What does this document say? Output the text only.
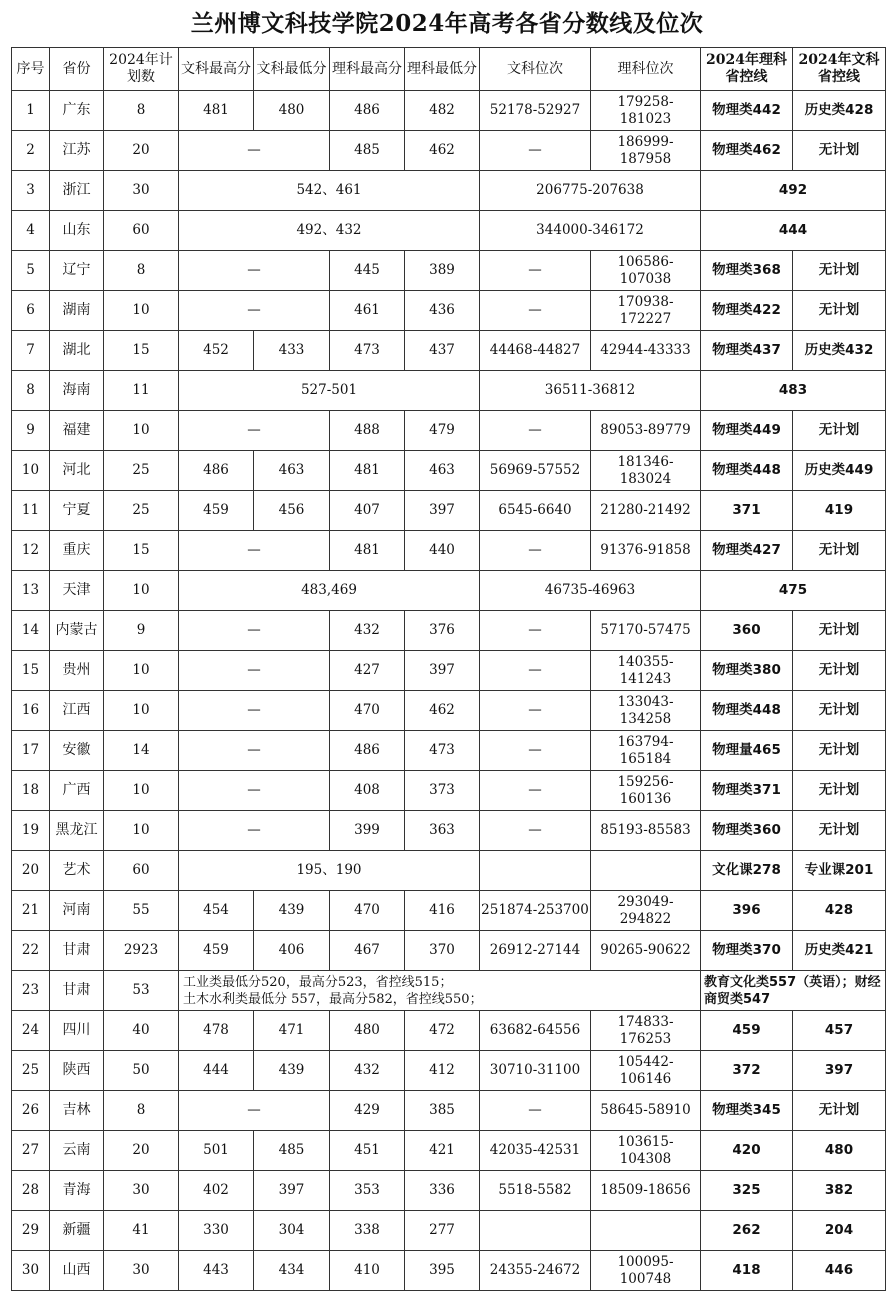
兰州博文科技学院2024年高考各省分数线及位次
序号	省份	2024年计划数	文科最高分	文科最低分	理科最高分	理科最低分	文科位次	理科位次	2024年理科省控线	2024年文科省控线
1	广东	8	481	480	486	482	52178-52927	179258-181023	物理类442	历史类428
2	江苏	20	—		485	462	—	186999-187958	物理类462	无计划
3	浙江	30	542、461				206775-207638		492	
4	山东	60	492、432				344000-346172		444	
5	辽宁	8	—		445	389	—	106586-107038	物理类368	无计划
6	湖南	10	—		461	436	—	170938-172227	物理类422	无计划
7	湖北	15	452	433	473	437	44468-44827	42944-43333	物理类437	历史类432
8	海南	11	527-501				36511-36812		483	
9	福建	10	—		488	479	—	89053-89779	物理类449	无计划
10	河北	25	486	463	481	463	56969-57552	181346-183024	物理类448	历史类449
11	宁夏	25	459	456	407	397	6545-6640	21280-21492	371	419
12	重庆	15	—		481	440	—	91376-91858	物理类427	无计划
13	天津	10	483,469				46735-46963		475	
14	内蒙古	9	—		432	376	—	57170-57475	360	无计划
15	贵州	10	—		427	397	—	140355-141243	物理类380	无计划
16	江西	10	—		470	462	—	133043-134258	物理类448	无计划
17	安徽	14	—		486	473	—	163794-165184	物理量465	无计划
18	广西	10	—		408	373	—	159256-160136	物理类371	无计划
19	黑龙江	10	—		399	363	—	85193-85583	物理类360	无计划
20	艺术	60	195、190						文化课278	专业课201
21	河南	55	454	439	470	416	251874-253700	293049-294822	396	428
22	甘肃	2923	459	406	467	370	26912-27144	90265-90622	物理类370	历史类421
23	甘肃	53	工业类最低分520，最高分523，省控线515；
土木水利类最低分 557，最高分582，省控线550；						教育文化类557（英语）；财经商贸类547	
24	四川	40	478	471	480	472	63682-64556	174833-176253	459	457
25	陕西	50	444	439	432	412	30710-31100	105442-106146	372	397
26	吉林	8	—		429	385	—	58645-58910	物理类345	无计划
27	云南	20	501	485	451	421	42035-42531	103615-104308	420	480
28	青海	30	402	397	353	336	5518-5582	18509-18656	325	382
29	新疆	41	330	304	338	277			262	204
30	山西	30	443	434	410	395	24355-24672	100095-100748	418	446
